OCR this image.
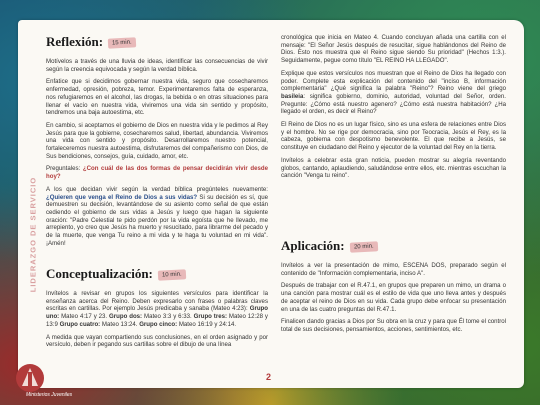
LIDERAZGO DE SERVICIO
Reflexión:	15 min.

Motívelos a través de una lluvia de ideas, identificar las consecuencias de vivir según la creencia equivocada y según la verdad bíblica.

Enfatice que si decidimos gobernar nuestra vida, seguro que cosecharemos enfermedad, opresión, pobreza, temor. Experimentaremos falta de esperanza, nos refugiaremos en el alcohol, las drogas, la bebida o en otras situaciones para llenar el vacío en nuestra vida, viviremos una vida sin sentido y propósito, tendremos una baja autoestima, etc.

En cambio, si aceptamos el gobierno de Dios en nuestra vida y le pedimos al Rey Jesús para que la gobierne, cosecharemos salud, libertad, abundancia. Viviremos una vida con sentido y propósito. Desarrollaremos nuestro potencial, fortaleceremos nuestra autoestima, disfrutaremos del compañerismo con Dios, de Sus bendiciones, consejos, guía, cuidado, amor, etc.

Preguntales: ¿Con cuál de las dos formas de pensar decidirán vivir desde hoy?

A los que decidan vivir según la verdad bíblica pregúnteles nuevamente: ¿Quieren que venga el Reino de Dios a sus vidas? Si su decisión es sí, que demuestren su decisión, levantándose de su asiento como señal de que están cediendo el gobierno de sus vidas a Jesús y luego que hagan la siguiente oración: "Padre Celestial te pido perdón por la vida egoísta que he llevado, me arrepiento, yo creo que Jesús ha muerto y resucitado, para librarme del pecado y de la muerte, que venga Tu reino a mi vida y te haga tu voluntad en mi vida". ¡Amén!

Conceptualización:	10 min.

Invítelos a revisar en grupos los siguientes versículos para identificar la enseñanza acerca del Reino. Deben expresarlo con frases o palabras claves escritas en cartillas. Por ejemplo Jesús predicaba y sanaba (Mateo 4:23): Grupo uno: Mateo 4:17 y 23. Grupo dos: Mateo 3:3 y 6:33. Grupo tres: Mateo 12:28 y 13:9 Grupo cuatro: Mateo 13:24. Grupo cinco: Mateo 16:19 y 24:14.

A medida que vayan compartiendo sus conclusiones, en el orden asignado y por versículo, deben ir pegando sus cartillas sobre el dibujo de una línea

cronológica que inicia en Mateo 4. Cuando concluyan añada una cartilla con el mensaje: "El Señor Jesús después de resucitar, sigue hablándonos del Reino de Dios. Esto nos muestra que el Reino sigue siendo Su prioridad" (Hechos 1:3.). Seguidamente, pegue como título "EL REINO HA LLEGADO".

Explique que estos versículos nos muestran que el Reino de Dios ha llegado con poder. Complete esta explicación del contenido del "inciso B, información complementaria" ¿Qué significa la palabra "Reino"? Reino viene del griego basileia: significa gobierno, dominio, autoridad, voluntad del Señor, orden. Pregunte: ¿Cómo está nuestro agenero? ¿Cómo está nuestra habitación? ¿Ha llegado el orden, es decir el Reino?

El Reino de Dios no es un lugar físico, sino es una esfera de relaciones entre Dios y el hombre. No se rige por democracia, sino por Teocracia, Jesús el Rey, es la cabeza, gobierna con despotismo benevolente. El que recibe a Jesús, se constituye en ciudadano del Reino y ejecutor de la voluntad del Rey en la tierra.

Invítelos a celebrar esta gran noticia, pueden mostrar su alegría reventando globos, cantando, aplaudiendo, saludándose entre ellos, etc. mientras escuchan la canción "Venga tu reino".

Aplicación:	20 min.

Invítelos a ver la presentación de mimo, ESCENA DOS, preparado según el contenido de "Información complementaria, inciso A".

Después de trabajar con el R.47.1, en grupos que preparen un mimo, un drama o una canción para mostrar cuál es el estilo de vida que uno lleva antes y después de aceptar el reino de Dios en su vida. Cada grupo debe enfocar su presentación en una de las cuatro preguntas del R.47.1.

Finalicen dando gracias a Dios por Su obra en la cruz y para que Él tome el control total de sus decisiones, pensamientos, acciones, sentimientos, etc.

2
Ministerios Juveniles
